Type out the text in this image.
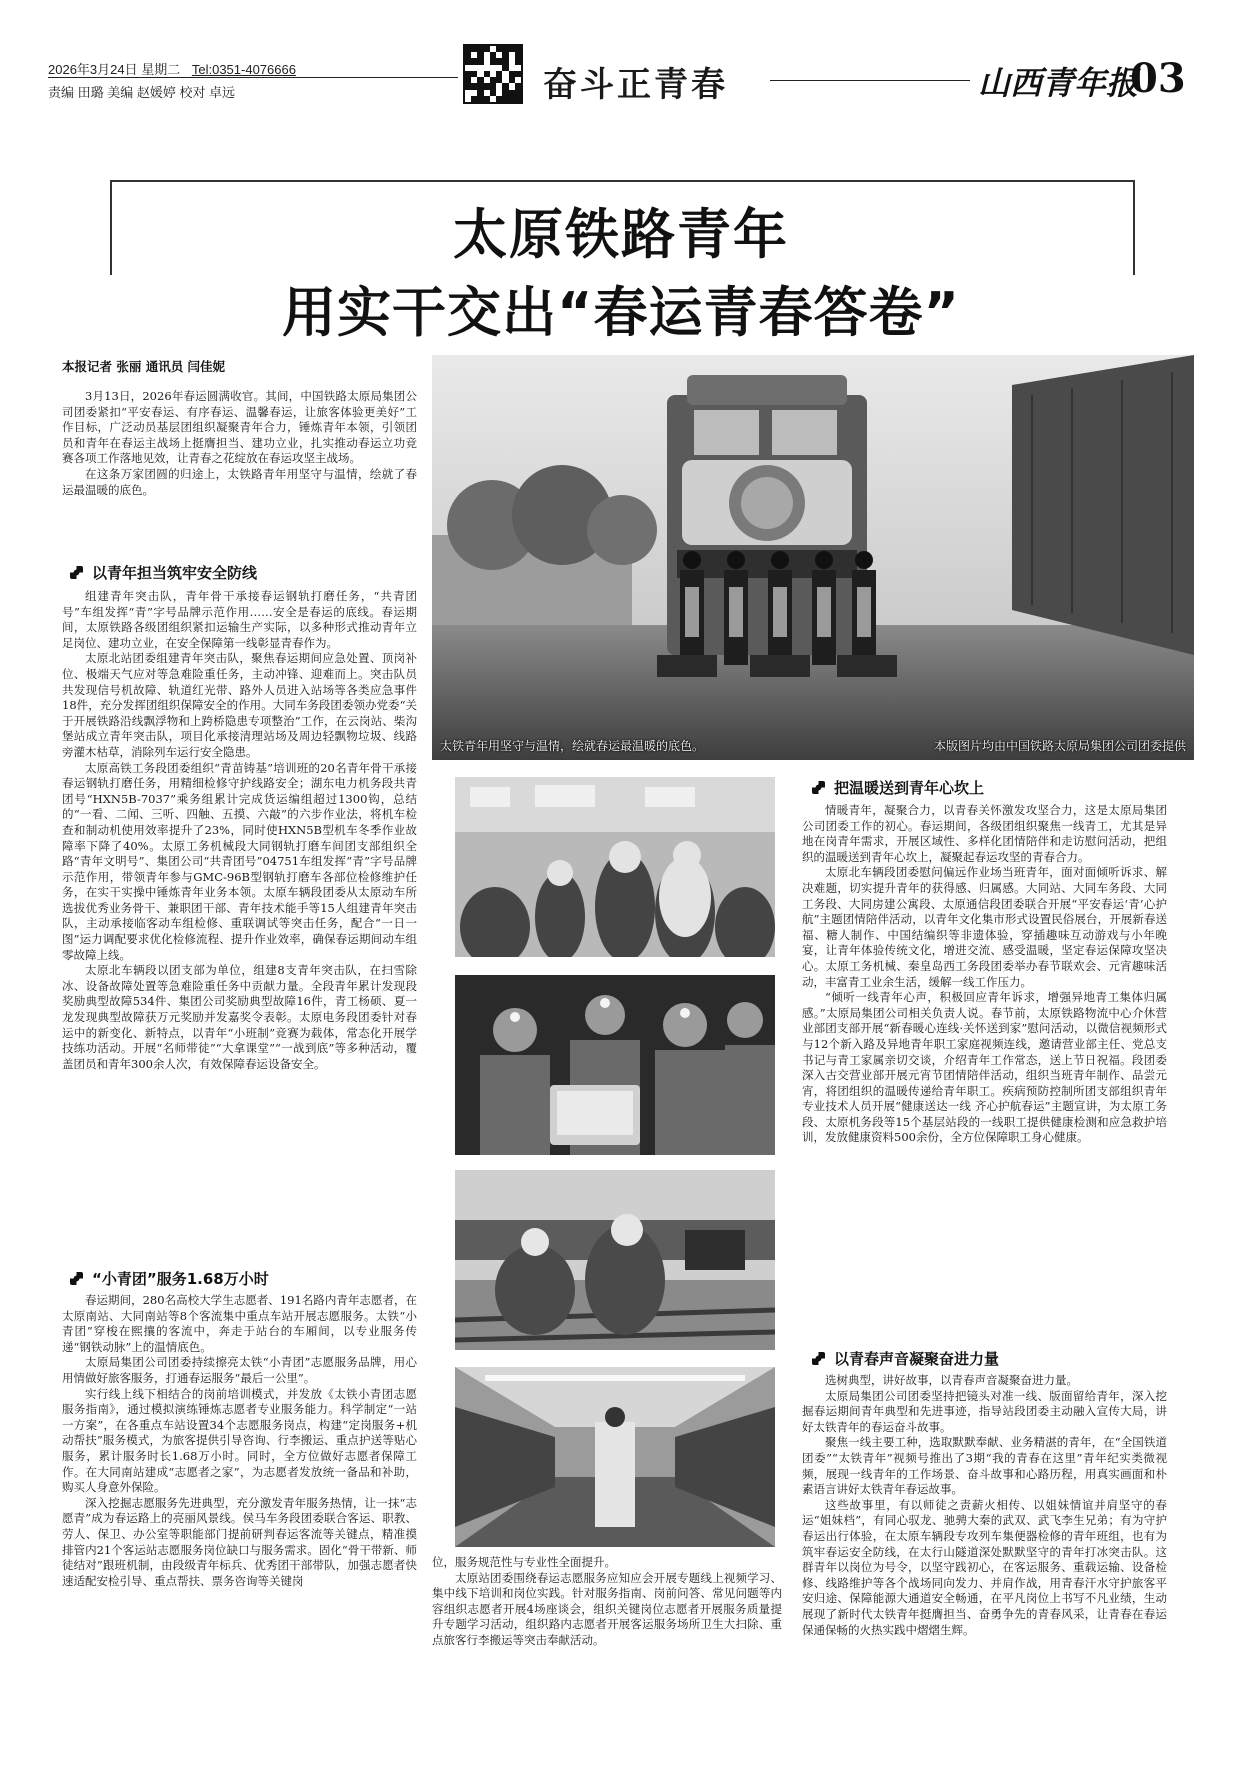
2026年3月24日 星期二 Tel:0351-4076666
责编 田璐 美编 赵媛婷 校对 卓远	奋斗正青春	山西青年报
03
太原铁路青年
用实干交出“春运青春答卷”
本报记者 张丽 通讯员 闫佳妮

3月13日，2026年春运圆满收官。其间，中国铁路太原局集团公司团委紧扣“平安春运、有序春运、温馨春运，让旅客体验更美好”工作目标，广泛动员基层团组织凝聚青年合力，锤炼青年本领，引领团员和青年在春运主战场上挺膺担当、建功立业，扎实推动春运立功竞赛各项工作落地见效，让青春之花绽放在春运攻坚主战场。

在这条万家团圆的归途上，太铁路青年用坚守与温情，绘就了春运最温暖的底色。

以青年担当筑牢安全防线

组建青年突击队，青年骨干承接春运钢轨打磨任务，“共青团号”车组发挥“青”字号品牌示范作用……安全是春运的底线。春运期间，太原铁路各级团组织紧扣运输生产实际，以多种形式推动青年立足岗位、建功立业，在安全保障第一线彰显青春作为。

太原北站团委组建青年突击队，聚焦春运期间应急处置、顶岗补位、极端天气应对等急难险重任务，主动冲锋、迎难而上。突击队员共发现信号机故障、轨道红光带、路外人员进入站场等各类应急事件18件，充分发挥团组织保障安全的作用。大同车务段团委领办党委“关于开展铁路沿线飘浮物和上跨桥隐患专项整治”工作，在云岗站、柴沟堡站成立青年突击队，项目化承接清理站场及周边轻飘物垃圾、线路旁灌木枯草，消除列车运行安全隐患。

太原高铁工务段团委组织“青苗铸基”培训班的20名青年骨干承接春运钢轨打磨任务，用精细检修守护线路安全；湖东电力机务段共青团号“HXN5B-7037”乘务组累计完成货运编组超过1300钩，总结的“一看、二闻、三听、四触、五摸、六敲”的六步作业法，将机车检查和制动机使用效率提升了23%，同时使HXN5B型机车冬季作业故障率下降了40%。太原工务机械段大同钢轨打磨车间团支部组织全路“青年文明号”、集团公司“共青团号”04751车组发挥“青”字号品牌示范作用，带领青年参与GMC-96B型钢轨打磨车各部位检修维护任务，在实干实操中锤炼青年业务本领。太原车辆段团委从太原动车所选拔优秀业务骨干、兼职团干部、青年技术能手等15人组建青年突击队，主动承接临客动车组检修、重联调试等突击任务，配合“一日一图”运力调配要求优化检修流程、提升作业效率，确保春运期间动车组零故障上线。

太原北车辆段以团支部为单位，组建8支青年突击队，在扫雪除冰、设备故障处置等急难险重任务中贡献力量。全段青年累计发现段奖励典型故障534件、集团公司奖励典型故障16件，青工杨硕、夏一龙发现典型故障获万元奖励并发嘉奖令表彰。太原电务段团委针对春运中的新变化、新特点，以青年“小班制”竞赛为载体，常态化开展学技练功活动。开展“名师带徒”“大拿课堂”“一战到底”等多种活动，覆盖团员和青年300余人次，有效保障春运设备安全。

“小青团”服务1.68万小时

春运期间，280名高校大学生志愿者、191名路内青年志愿者，在太原南站、大同南站等8个客流集中重点车站开展志愿服务。太铁“小青团”穿梭在熙攘的客流中，奔走于站台的车厢间，以专业服务传递“钢铁动脉”上的温情底色。

太原局集团公司团委持续擦亮太铁“小青团”志愿服务品牌，用心用情做好旅客服务，打通春运服务“最后一公里”。

实行线上线下相结合的岗前培训模式，并发放《太铁小青团志愿服务指南》，通过模拟演练锤炼志愿者专业服务能力。科学制定“一站一方案”，在各重点车站设置34个志愿服务岗点，构建“定岗服务+机动帮扶”服务模式，为旅客提供引导咨询、行李搬运、重点护送等贴心服务，累计服务时长1.68万小时。同时，全方位做好志愿者保障工作。在大同南站建成“志愿者之家”，为志愿者发放统一备品和补助，购买人身意外保险。

深入挖掘志愿服务先进典型，充分激发青年服务热情，让一抹“志愿青”成为春运路上的亮丽风景线。侯马车务段团委联合客运、职教、劳人、保卫、办公室等职能部门提前研判春运客流等关键点，精准摸排管内21个客运站志愿服务岗位缺口与服务需求。固化“骨干带新、师徒结对”跟班机制，由段级青年标兵、优秀团干部带队，加强志愿者快速适配安检引导、重点帮扶、票务咨询等关键岗

太铁青年用坚守与温情，绘就春运最温暖的底色。	本版图片均由中国铁路太原局集团公司团委提供

位，服务规范性与专业性全面提升。

太原站团委围绕春运志愿服务应知应会开展专题线上视频学习、集中线下培训和岗位实践。针对服务指南、岗前问答、常见问题等内容组织志愿者开展4场座谈会，组织关键岗位志愿者开展服务质量提升专题学习活动，组织路内志愿者开展客运服务场所卫生大扫除、重点旅客行李搬运等突击奉献活动。

把温暖送到青年心坎上

情暖青年，凝聚合力，以青春关怀激发攻坚合力，这是太原局集团公司团委工作的初心。春运期间，各级团组织聚焦一线青工，尤其是异地在岗青年需求，开展区域性、多样化团情陪伴和走访慰问活动，把组织的温暖送到青年心坎上，凝聚起春运攻坚的青春合力。

太原北车辆段团委慰问偏远作业场当班青年，面对面倾听诉求、解决难题，切实提升青年的获得感、归属感。大同站、大同车务段、大同工务段、大同房建公寓段、太原通信段团委联合开展“平安春运‘青’心护航”主题团情陪伴活动，以青年文化集市形式设置民俗展台，开展新春送福、糖人制作、中国结编织等非遗体验，穿插趣味互动游戏与小年晚宴，让青年体验传统文化，增进交流、感受温暖，坚定春运保障攻坚决心。太原工务机械、秦皇岛西工务段团委举办春节联欢会、元宵趣味活动，丰富青工业余生活，缓解一线工作压力。

“倾听一线青年心声，积极回应青年诉求，增强异地青工集体归属感。”太原局集团公司相关负责人说。春节前，太原铁路物流中心介休营业部团支部开展“新春暖心连线·关怀送到家”慰问活动，以微信视频形式与12个新入路及异地青年职工家庭视频连线，邀请营业部主任、党总支书记与青工家属亲切交谈，介绍青年工作常态，送上节日祝福。段团委深入古交营业部开展元宵节团情陪伴活动，组织当班青年制作、品尝元宵，将团组织的温暖传递给青年职工。疾病预防控制所团支部组织青年专业技术人员开展“健康送达一线 齐心护航春运”主题宣讲，为太原工务段、太原机务段等15个基层站段的一线职工提供健康检测和应急救护培训，发放健康资料500余份，全方位保障职工身心健康。

以青春声音凝聚奋进力量

选树典型，讲好故事，以青春声音凝聚奋进力量。

太原局集团公司团委坚持把镜头对准一线、版面留给青年，深入挖掘春运期间青年典型和先进事迹，指导站段团委主动融入宣传大局，讲好太铁青年的春运奋斗故事。

聚焦一线主要工种，选取默默奉献、业务精湛的青年，在“全国铁道团委”“太铁青年”视频号推出了3期“我的青春在这里”青年纪实类微视频，展现一线青年的工作场景、奋斗故事和心路历程，用真实画面和朴素语言讲好太铁青年春运故事。

这些故事里，有以师徒之责薪火相传、以姐妹情谊并肩坚守的春运“姐妹档”，有同心驭龙、驰骋大秦的武双、武飞李生兄弟；有为守护春运出行体验，在太原车辆段专攻列车集便器检修的青年班组，也有为筑牢春运安全防线，在太行山隧道深处默默坚守的青年打冰突击队。这群青年以岗位为号令，以坚守践初心，在客运服务、重载运输、设备检修、线路维护等各个战场同向发力、并肩作战，用青春汗水守护旅客平安归途、保障能源大通道安全畅通，在平凡岗位上书写不凡业绩，生动展现了新时代太铁青年挺膺担当、奋勇争先的青春风采，让青春在春运保通保畅的火热实践中熠熠生辉。
